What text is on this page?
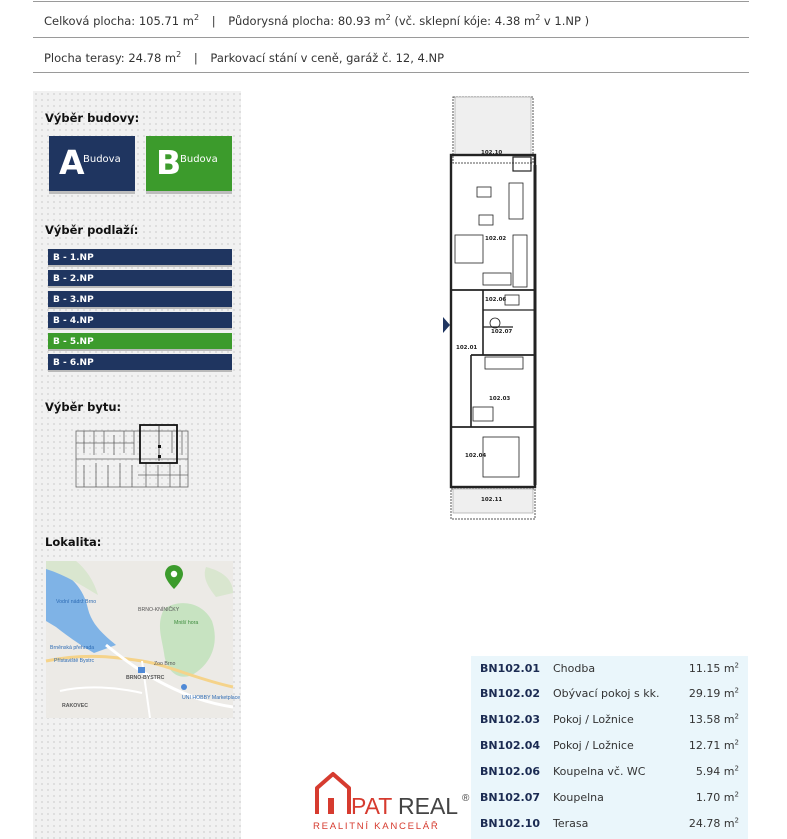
Celková plocha: 105.71 $m^2$ | Půdorysná plocha: 80.93 $m^2$ (vč. sklepní kóje: 4.38 $m^2$ v 1.NP )
Plocha terasy: 24.78 $m^2$ | Parkovací stání v ceně, garáž č. 12, 4.NP
Výběr budovy:
A
Budova B
Budova
Výběr podlaží:
B - 1.NP
B - 2.NP
B - 3.NP
B - 4.NP
B - 5.NP
B - 6.NP
Výběr bytu:
Lokalita:
Brněnská přehrada
Přístaviště Bystrc	Zoo Brno
BRNO-BYSTRC
RAKOVEC
UNI HOBBY Marketplace
Mniší hora
BRNO-KNÍNIČKY
Vodní nádrž Brno
102.10
102.02
102.06
102.07
102.01
102.03
102.04
102.11
PAT REAL ®
REALITNÍ KANCELÁŘ
BN102.01 Chodba	11.15 $m^2$
BN102.02 Obývací pokoj s kk.	29.19 $m^2$
BN102.03 Pokoj / Ložnice	13.58 $m^2$
BN102.04 Pokoj / Ložnice	12.71 $m^2$
BN102.06 Koupelna vč. WC	5.94 $m^2$
BN102.07 Koupelna	1.70 $m^2$
BN102.10 Terasa	24.78 $m^2$
